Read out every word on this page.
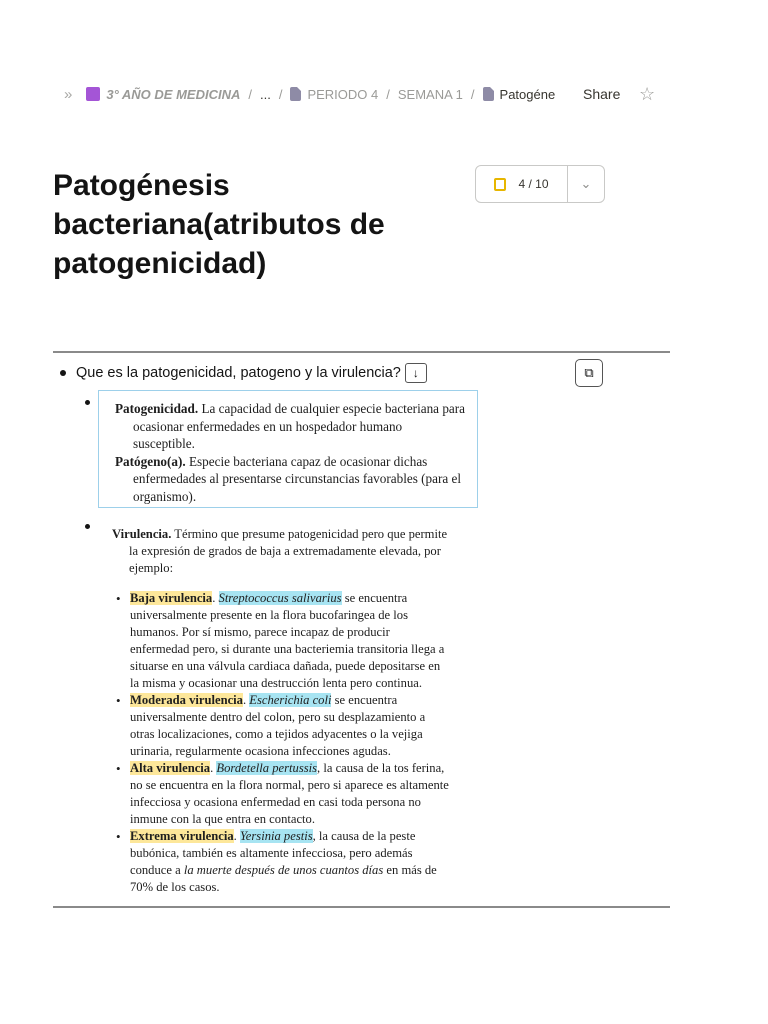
»	3° AÑO DE MEDICINA / ... / PERIODO 4 / SEMANA 1 / Patogéne Share ☆
Patogénesis bacteriana(atributos de patogenicidad)
4 / 10 ⌄
Que es la patogenicidad, patogeno y la virulencia?	↓	⧉

Patogenicidad. La capacidad de cualquier especie bacteriana para ocasionar enfermedades en un hospedador humano susceptible.

Patógeno(a). Especie bacteriana capaz de ocasionar dichas enfermedades al presentarse circunstancias favorables (para el organismo).

Virulencia. Término que presume patogenicidad pero que permite la expresión de grados de baja a extremadamente elevada, por ejemplo:

• Baja virulencia. Streptococcus salivarius se encuentra universalmente presente en la flora bucofaringea de los humanos. Por sí mismo, parece incapaz de producir enfermedad pero, si durante una bacteriemia transitoria llega a situarse en una válvula cardiaca dañada, puede depositarse en la misma y ocasionar una destrucción lenta pero continua.
• Moderada virulencia. Escherichia coli se encuentra universalmente dentro del colon, pero su desplazamiento a otras localizaciones, como a tejidos adyacentes o la vejiga urinaria, regularmente ocasiona infecciones agudas.
• Alta virulencia. Bordetella pertussis, la causa de la tos ferina, no se encuentra en la flora normal, pero si aparece es altamente infecciosa y ocasiona enfermedad en casi toda persona no inmune con la que entra en contacto.
• Extrema virulencia. Yersinia pestis, la causa de la peste bubónica, también es altamente infecciosa, pero además conduce a la muerte después de unos cuantos días en más de 70% de los casos.
